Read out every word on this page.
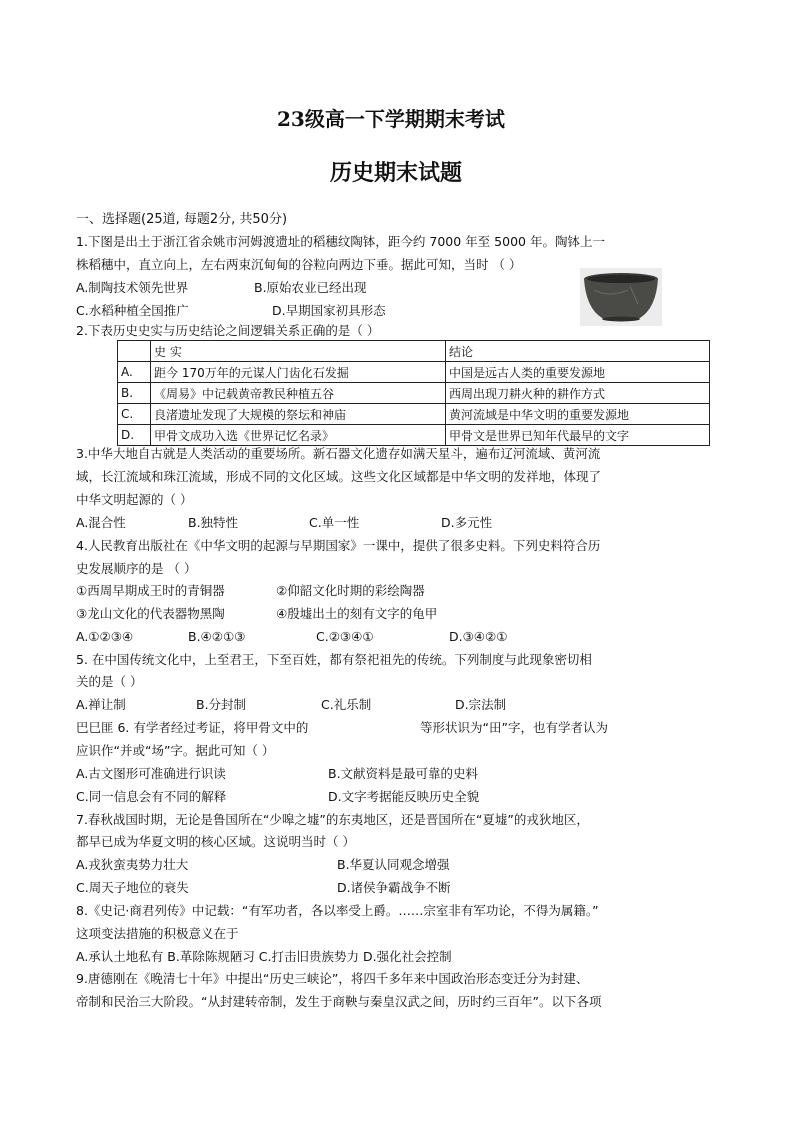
23级高一下学期期末考试
历史期末试题
一、选择题(25道, 每题2分, 共50分)
1.下图是出土于浙江省余姚市河姆渡遗址的稻穗纹陶钵，距今约 7000 年至 5000 年。陶钵上一
株稻穗中，直立向上，左右两束沉甸甸的谷粒向两边下垂。据此可知，当时 （ ）
A.制陶技术领先世界	B.原始农业已经出现
C.水稻种植全国推广	D.早期国家初具形态
2.下表历史史实与历史结论之间逻辑关系正确的是（ ）
	史 实	结论
A.	距今 170万年的元谋人门齿化石发掘	中国是远古人类的重要发源地
B.	《周易》中记载黄帝教民种植五谷	西周出现刀耕火种的耕作方式
C.	良渚遗址发现了大规模的祭坛和神庙	黄河流域是中华文明的重要发源地
D.	甲骨文成功入选《世界记忆名录》	甲骨文是世界已知年代最早的文字
3.中华大地自古就是人类活动的重要场所。新石器文化遗存如满天星斗，遍布辽河流域、黄河流
域，长江流域和珠江流域，形成不同的文化区域。这些文化区域都是中华文明的发祥地，体现了
中华文明起源的（ ）
A.混合性	B.独特性	C.单一性	D.多元性
4.人民教育出版社在《中华文明的起源与早期国家》一课中，提供了很多史料。下列史料符合历
史发展顺序的是 （ ）
①西周早期成王时的青铜器	②仰韶文化时期的彩绘陶器
③龙山文化的代表器物黑陶	④殷墟出土的刻有文字的龟甲
A.①②③④	B.④②①③	C.②③④①	D.③④②①
5. 在中国传统文化中，上至君王，下至百姓，都有祭祀祖先的传统。下列制度与此现象密切相
关的是（ ）
A.禅让制	B.分封制	C.礼乐制	D.宗法制
巴巳匪 6. 有学者经过考证，将甲骨文中的	等形状识为“田”字，也有学者认为
应识作“并或“场”字。据此可知（ ）
A.古文图形可准确进行识读	B.文献资料是最可靠的史料
C.同一信息会有不同的解释	D.文字考据能反映历史全貌
7.春秋战国时期，无论是鲁国所在“少嗥之墟”的东夷地区，还是晋国所在“夏墟”的戎狄地区，
都早已成为华夏文明的核心区域。这说明当时（ ）
A.戎狄蛮夷势力壮大	B.华夏认同观念增强
C.周天子地位的衰失	D.诸侯争霸战争不断
8.《史记·商君列传》中记载：“有军功者，各以率受上爵。……宗室非有军功论，不得为属籍。”
这项变法措施的积极意义在于
A.承认土地私有 B.革除陈规陋习 C.打击旧贵族势力 D.强化社会控制
9.唐德刚在《晚清七十年》中提出“历史三峡论”，将四千多年来中国政治形态变迁分为封建、
帝制和民治三大阶段。“从封建转帝制，发生于商鞅与秦皇汉武之间，历时约三百年”。以下各项
